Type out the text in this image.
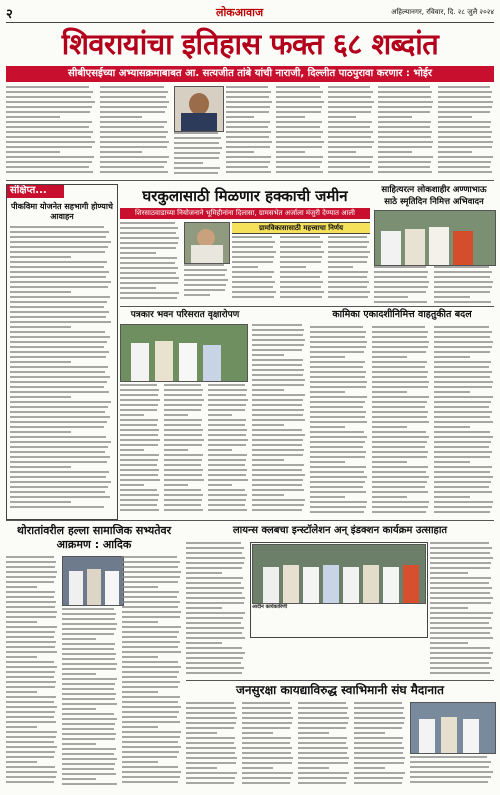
२	लोकआवाज	अहिल्यानगर, रविवार, दि. २८ जुलै २०२४
शिवरायांचा इतिहास फक्त ६८ शब्दांत
सीबीएसईच्या अभ्यासक्रमाबाबत आ. सत्यजीत तांबे यांची नाराजी, दिल्लीत पाठपुरावा करणार : भोईर
संक्षिप्त...
पीकविमा योजनेत सहभागी होण्याचे आवाहन
घरकुलासाठी मिळणार हक्काची जमीन
शिरसाठवाडाच्या नियोजनाने भूमिहीनांना दिलासा, ग्रामसभेत अर्जाला मंजुरी देण्यात आली
ग्रामविकासासाठी महत्त्वाचा निर्णय
साहित्यरत्न लोकशाहीर अण्णाभाऊ साठे स्मृतिदिन निमित्त अभिवादन
पत्रकार भवन परिसरात वृक्षारोपण	कामिका एकादशीनिमित्त वाहतुकीत बदल
थोरातांवरील हल्ला सामाजिक सभ्यतेवर आक्रमण : आदिक
लायन्स क्लबचा इन्स्टॉलेशन अन् इंडक्शन कार्यक्रम उत्साहात
आदीन कार्यकारिणी
जनसुरक्षा कायद्याविरुद्ध स्वाभिमानी संघ मैदानात
